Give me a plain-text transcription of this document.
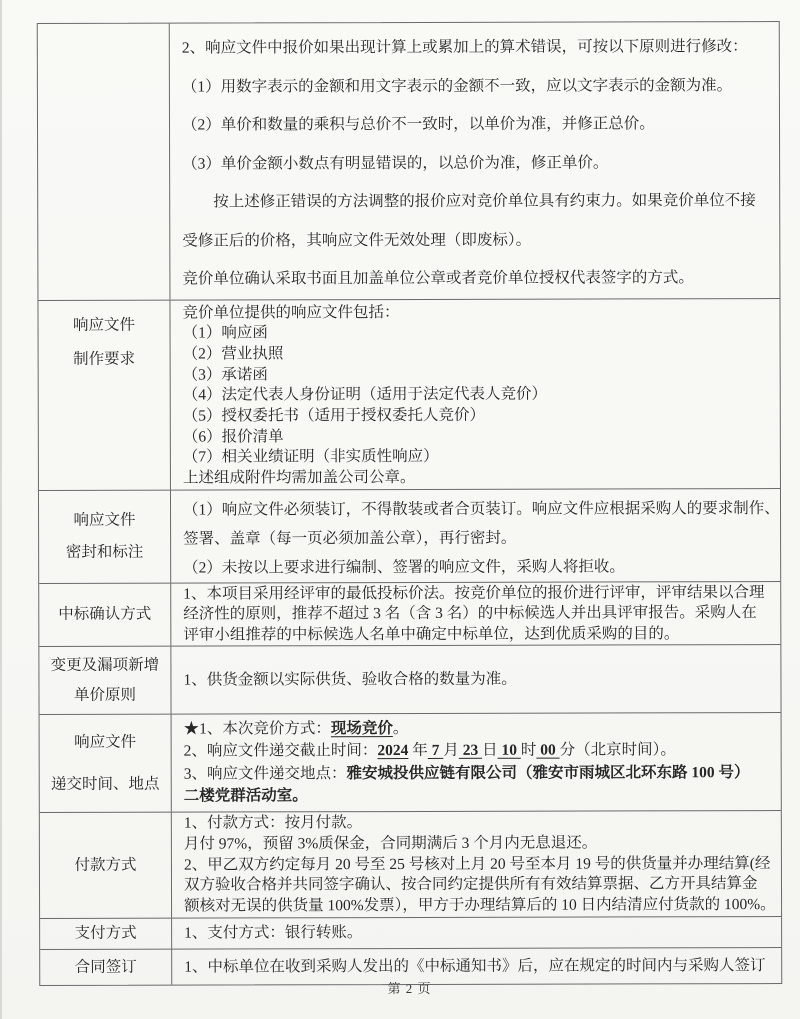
2、响应文件中报价如果出现计算上或累加上的算术错误，可按以下原则进行修改：
（1）用数字表示的金额和用文字表示的金额不一致，应以文字表示的金额为准。
（2）单价和数量的乘积与总价不一致时，以单价为准，并修正总价。
（3）单价金额小数点有明显错误的，以总价为准，修正单价。
　　按上述修正错误的方法调整的报价应对竞价单位具有约束力。如果竞价单位不接
受修正后的价格，其响应文件无效处理（即废标）。
竞价单位确认采取书面且加盖单位公章或者竞价单位授权代表签字的方式。
响应文件
制作要求
竞价单位提供的响应文件包括：
（1）响应函
（2）营业执照
（3）承诺函
（4）法定代表人身份证明（适用于法定代表人竞价）
（5）授权委托书（适用于授权委托人竞价）
（6）报价清单
（7）相关业绩证明（非实质性响应）
上述组成附件均需加盖公司公章。
响应文件
密封和标注
（1）响应文件必须装订，不得散装或者合页装订。响应文件应根据采购人的要求制作、
签署、盖章（每一页必须加盖公章），再行密封。
（2）未按以上要求进行编制、签署的响应文件，采购人将拒收。
中标确认方式
1、本项目采用经评审的最低投标价法。按竞价单位的报价进行评审，评审结果以合理
经济性的原则，推荐不超过 3 名（含 3 名）的中标候选人并出具评审报告。采购人在
评审小组推荐的中标候选人名单中确定中标单位，达到优质采购的目的。
变更及漏项新增
单价原则
1、供货金额以实际供货、验收合格的数量为准。
响应文件
递交时间、地点
★1、本次竞价方式：现场竞价。
2、响应文件递交截止时间：2024 年 7 月 23 日 10 时 00 分（北京时间）。
3、响应文件递交地点：雅安城投供应链有限公司（雅安市雨城区北环东路 100 号）
二楼党群活动室。
付款方式
1、付款方式：按月付款。
月付 97%，预留 3%质保金，合同期满后 3 个月内无息退还。
2、甲乙双方约定每月 20 号至 25 号核对上月 20 号至本月 19 号的供货量并办理结算(经
双方验收合格并共同签字确认、按合同约定提供所有有效结算票据、乙方开具结算金
额核对无误的供货量 100%发票），甲方于办理结算后的 10 日内结清应付货款的 100%。
支付方式	1、支付方式：银行转账。
合同签订	1、中标单位在收到采购人发出的《中标通知书》后，应在规定的时间内与采购人签订
第 2 页
